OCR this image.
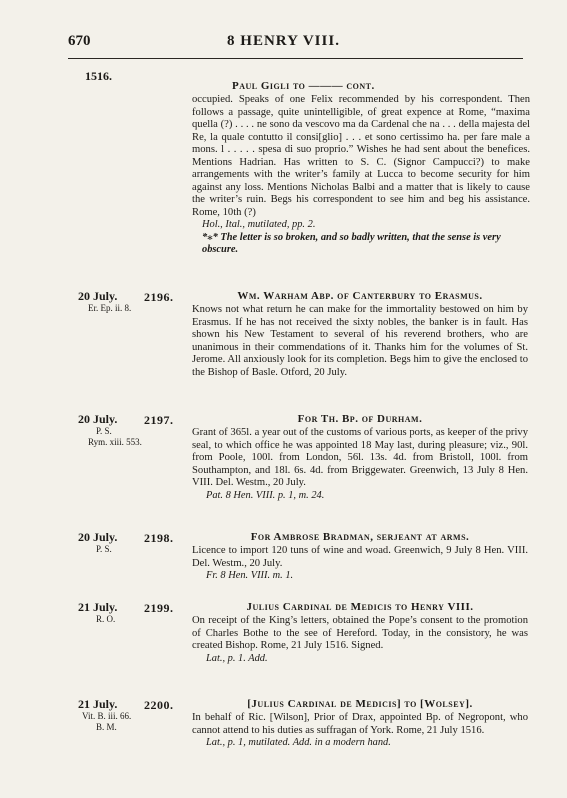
670	8 HENRY VIII.
1516.
Paul Gigli to ——— cont.

occupied. Speaks of one Felix recommended by his correspondent. Then follows a passage, quite unintelligible, of great expence at Rome, “maxima quella (?) . . . . ne sono da vescovo ma da Cardenal che na . . . della majesta del Re, la quale contutto il consi[glio] . . . et sono certissimo ha. per fare male a mons. l . . . . . spesa di suo proprio.” Wishes he had sent about the benefices. Mentions Hadrian. Has written to S. C. (Signor Campucci?) to make arrangements with the writer’s family at Lucca to become security for him against any loss. Mentions Nicholas Balbi and a matter that is likely to cause the writer’s ruin. Begs his correspondent to see him and beg his assistance. Rome, 10th (?)

Hol., Ital., mutilated, pp. 2.

*⁎* The letter is so broken, and so badly written, that the sense is very obscure.

20 July.
Er. Ep. ii. 8.
2196.	Wm. Warham Abp. of Canterbury to Erasmus.

Knows not what return he can make for the immortality bestowed on him by Erasmus. If he has not received the sixty nobles, the banker is in fault. Has shown his New Testament to several of his reverend brothers, who are unanimous in their commendations of it. Thanks him for the volumes of St. Jerome. All anxiously look for its completion. Begs him to give the enclosed to the Bishop of Basle. Otford, 20 July.

20 July.
P. S.
Rym. xiii. 553.
2197.	For Th. Bp. of Durham.

Grant of 365l. a year out of the customs of various ports, as keeper of the privy seal, to which office he was appointed 18 May last, during pleasure; viz., 90l. from Poole, 100l. from London, 56l. 13s. 4d. from Bristoll, 100l. from Southampton, and 18l. 6s. 4d. from Briggewater. Greenwich, 13 July 8 Hen. VIII. Del. Westm., 20 July.

Pat. 8 Hen. VIII. p. 1, m. 24.

20 July.
P. S.
2198.	For Ambrose Bradman, serjeant at arms.

Licence to import 120 tuns of wine and woad. Greenwich, 9 July 8 Hen. VIII. Del. Westm., 20 July.

Fr. 8 Hen. VIII. m. 1.

21 July.
R. O.
2199.	Julius Cardinal de Medicis to Henry VIII.

On receipt of the King’s letters, obtained the Pope’s consent to the promotion of Charles Bothe to the see of Hereford. Today, in the consistory, he was created Bishop. Rome, 21 July 1516. Signed.

Lat., p. 1. Add.

21 July.
Vit. B. iii. 66.
B. M.
2200.	[Julius Cardinal de Medicis] to [Wolsey].

In behalf of Ric. [Wilson], Prior of Drax, appointed Bp. of Negropont, who cannot attend to his duties as suffragan of York. Rome, 21 July 1516.

Lat., p. 1, mutilated. Add. in a modern hand.
